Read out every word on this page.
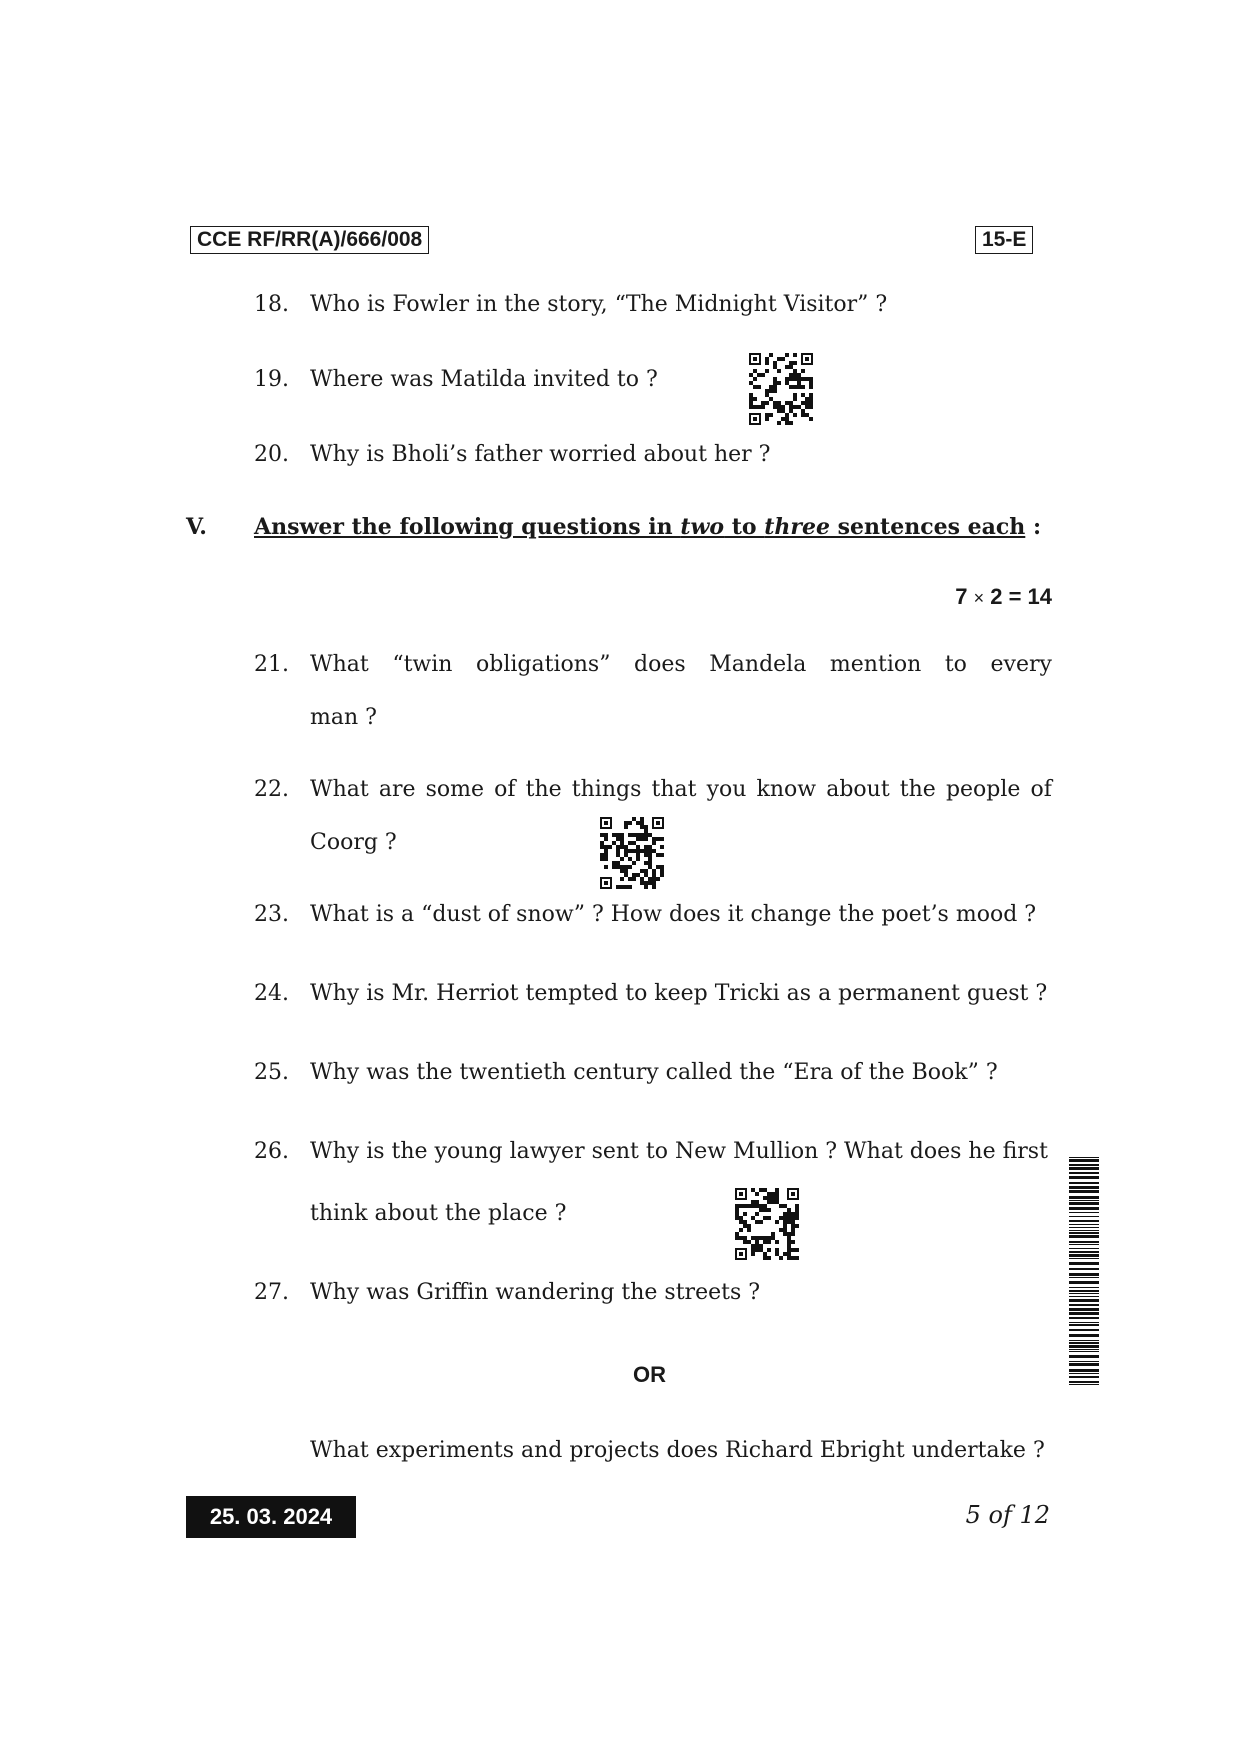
CCE RF/RR(A)/666/008	15-E
18. Who is Fowler in the story, “The Midnight Visitor” ?
19. Where was Matilda invited to ?
20. Why is Bholi’s father worried about her ?
V. Answer the following questions in two to three sentences each :
7 × 2 = 14
21. What “twin obligations” does Mandela mention to every
man ?
22. What are some of the things that you know about the people of
Coorg ?
23. What is a “dust of snow” ? How does it change the poet’s mood ?
24. Why is Mr. Herriot tempted to keep Tricki as a permanent guest ?
25. Why was the twentieth century called the “Era of the Book” ?
26. Why is the young lawyer sent to New Mullion ? What does he first
think about the place ?
27. Why was Griffin wandering the streets ?
OR
What experiments and projects does Richard Ebright undertake ?
25. 03. 2024	5 of 12
